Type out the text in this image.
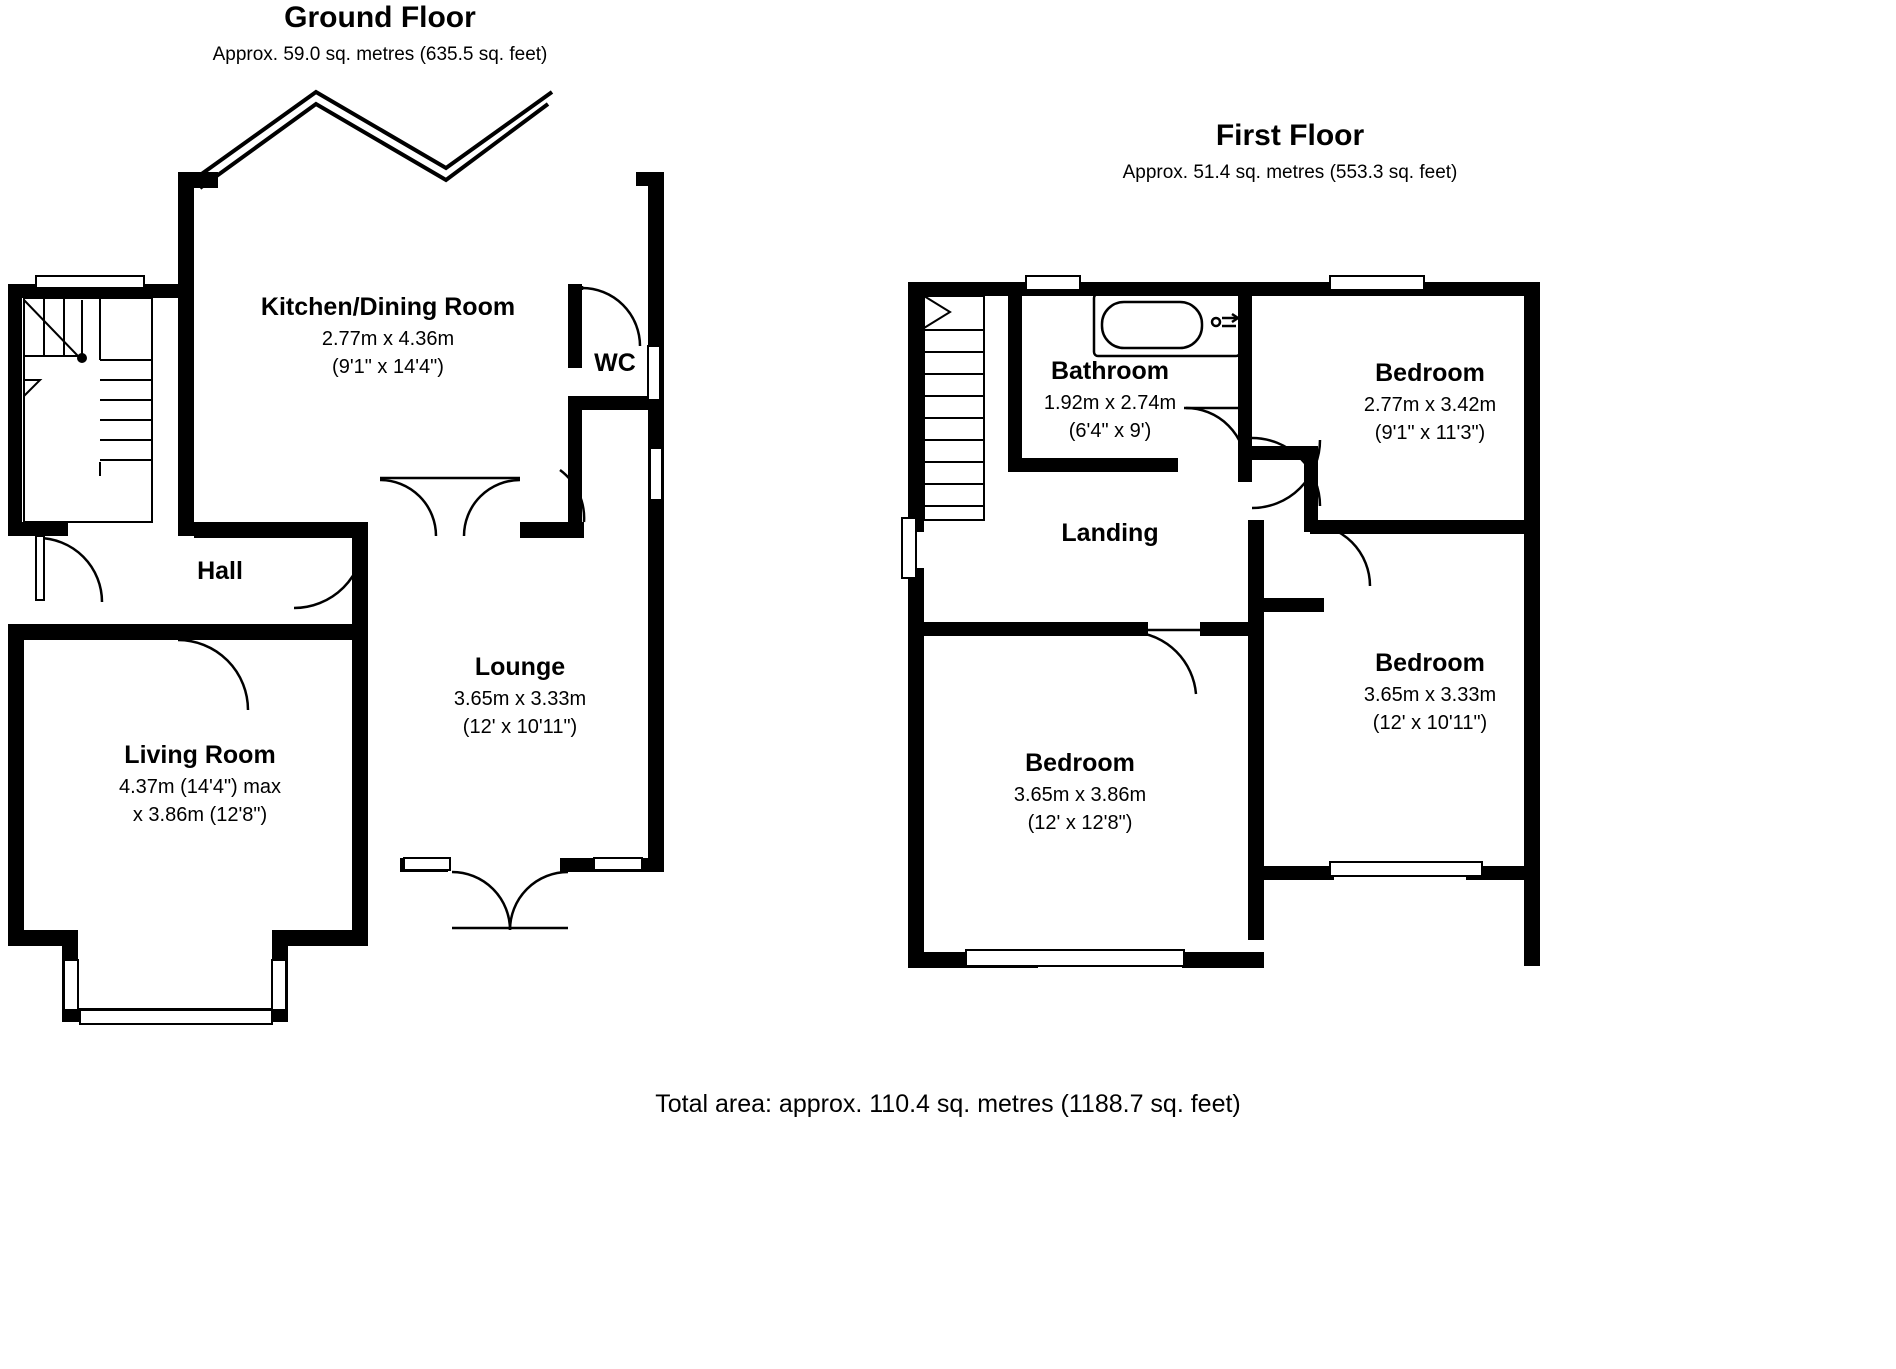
Ground Floor
Approx. 59.0 sq. metres (635.5 sq. feet)
First Floor
Approx. 51.4 sq. metres (553.3 sq. feet)
Kitchen/Dining Room
2.77m x 4.36m
(9'1" x 14'4")	WC
Hall
Lounge
3.65m x 3.33m
(12' x 10'11")
Living Room
4.37m (14'4") max
x 3.86m (12'8")
Bathroom
1.92m x 2.74m
(6'4" x 9')
Bedroom
2.77m x 3.42m
(9'1" x 11'3")
Landing
Bedroom
3.65m x 3.33m
(12' x 10'11")
Bedroom
3.65m x 3.86m
(12' x 12'8")
Total area: approx. 110.4 sq. metres (1188.7 sq. feet)
